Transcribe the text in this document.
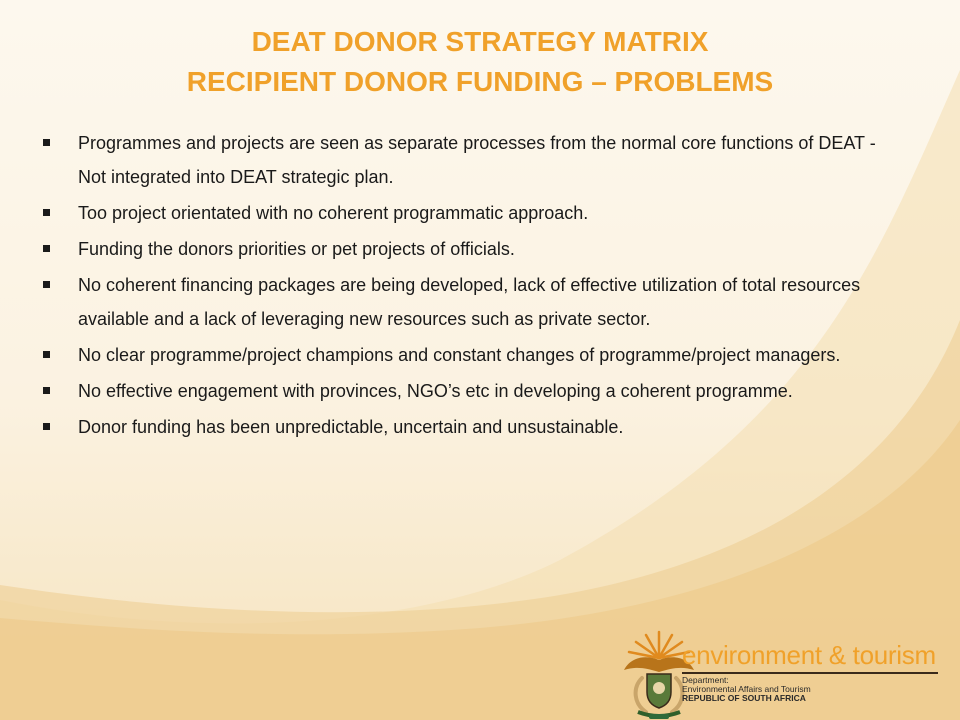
DEAT DONOR STRATEGY MATRIX
RECIPIENT DONOR FUNDING – PROBLEMS
Programmes and projects are seen as separate processes from the normal core functions of DEAT - Not integrated into DEAT strategic plan.
Too project orientated with no coherent programmatic approach.
Funding the donors priorities or pet projects of officials.
No coherent financing packages are being developed, lack of effective utilization of total resources available and a lack of leveraging new resources such as private sector.
No clear programme/project champions and constant changes of programme/project managers.
No effective engagement with provinces, NGO’s etc in developing a coherent programme.
Donor funding has been unpredictable, uncertain and unsustainable.
environment & tourism
Department:
Environmental Affairs and Tourism
REPUBLIC OF SOUTH AFRICA
